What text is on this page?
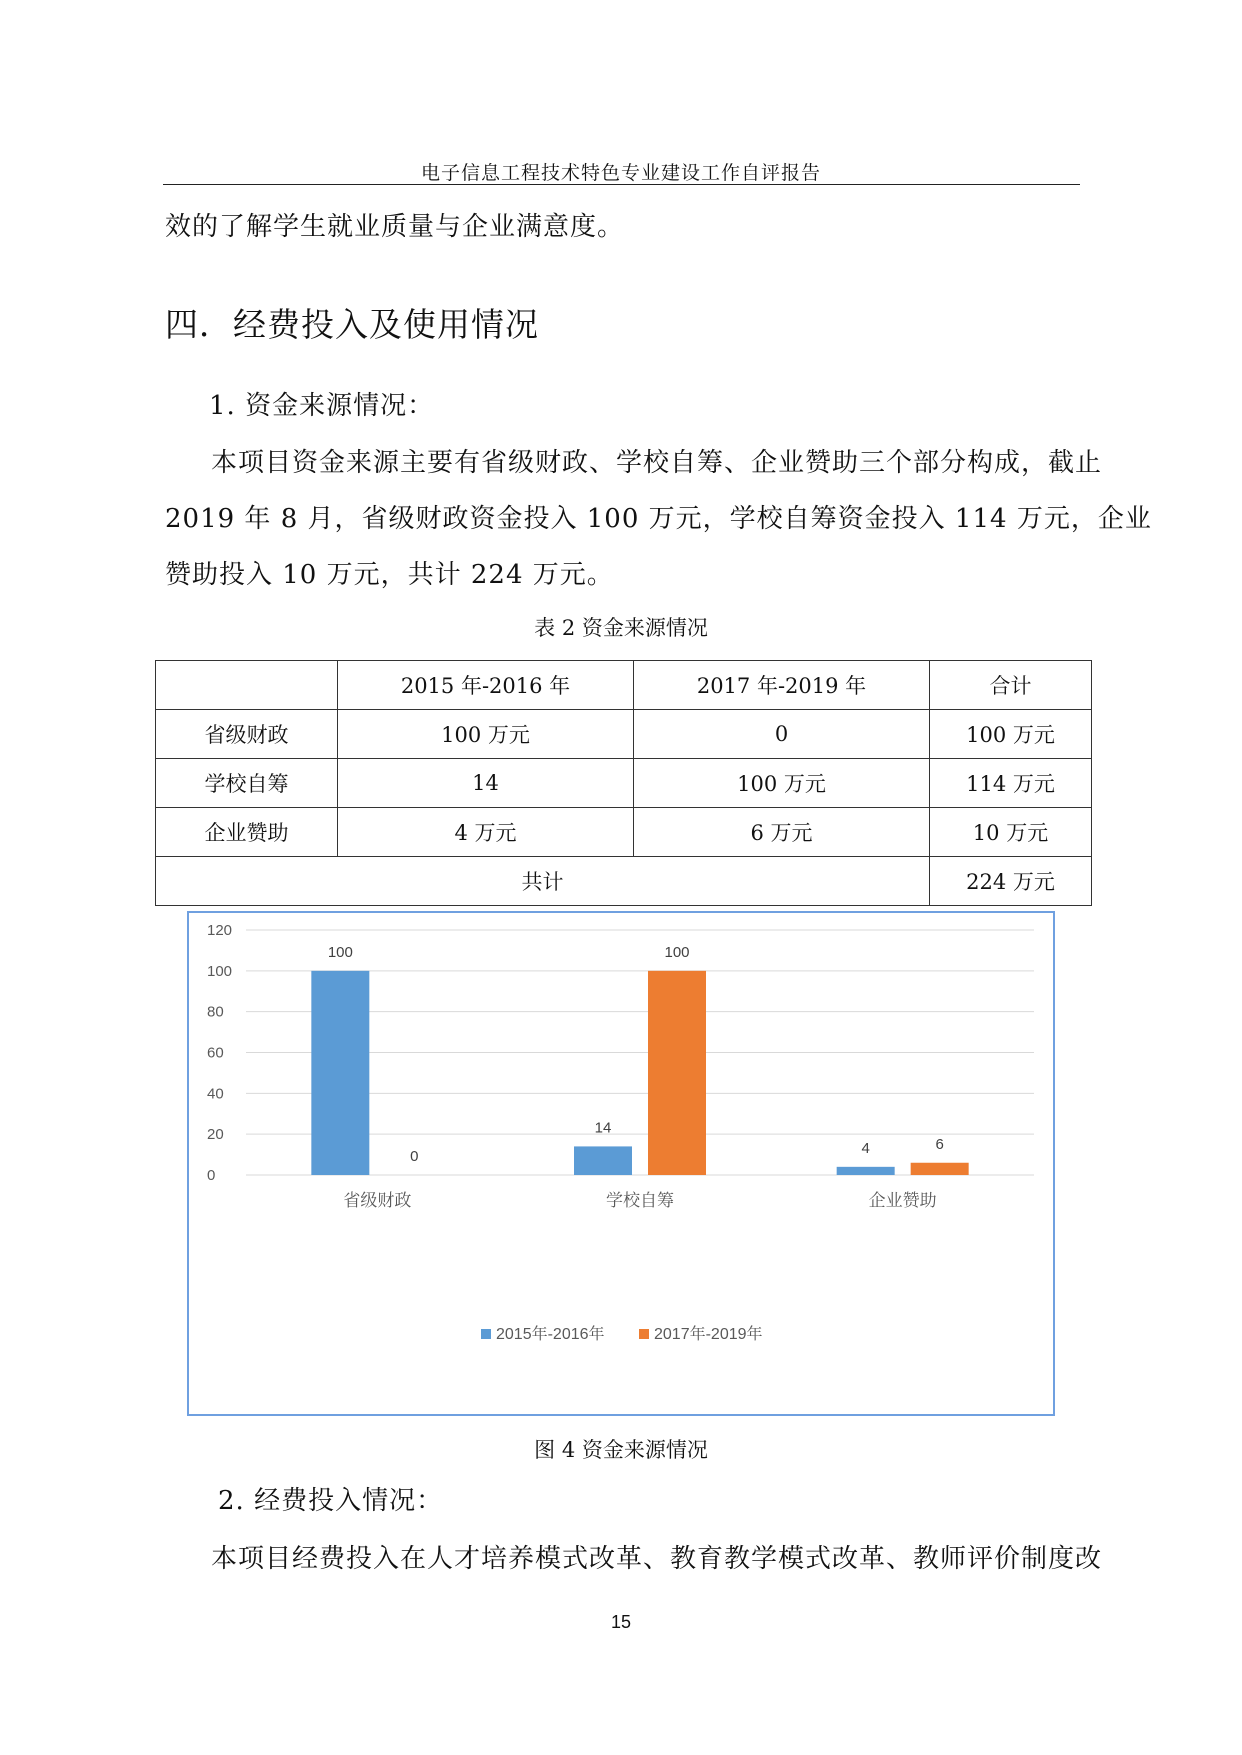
电子信息工程技术特色专业建设工作自评报告
效的了解学生就业质量与企业满意度。
四．经费投入及使用情况
1. 资金来源情况：
本项目资金来源主要有省级财政、学校自筹、企业赞助三个部分构成，截止
2019 年 8 月，省级财政资金投入 100 万元，学校自筹资金投入 114 万元，企业
赞助投入 10 万元，共计 224 万元。
表 2 资金来源情况
	2015 年-2016 年	2017 年-2019 年	合计
省级财政	100 万元	0	100 万元
学校自筹	14	100 万元	114 万元
企业赞助	4 万元	6 万元	10 万元
共计			224 万元
0
20
40
60
80
100
120
100
0
省级财政
14
100
学校自筹
4	6
企业赞助
2015年-2016年	2017年-2019年
图 4 资金来源情况
2. 经费投入情况：
本项目经费投入在人才培养模式改革、教育教学模式改革、教师评价制度改
15
